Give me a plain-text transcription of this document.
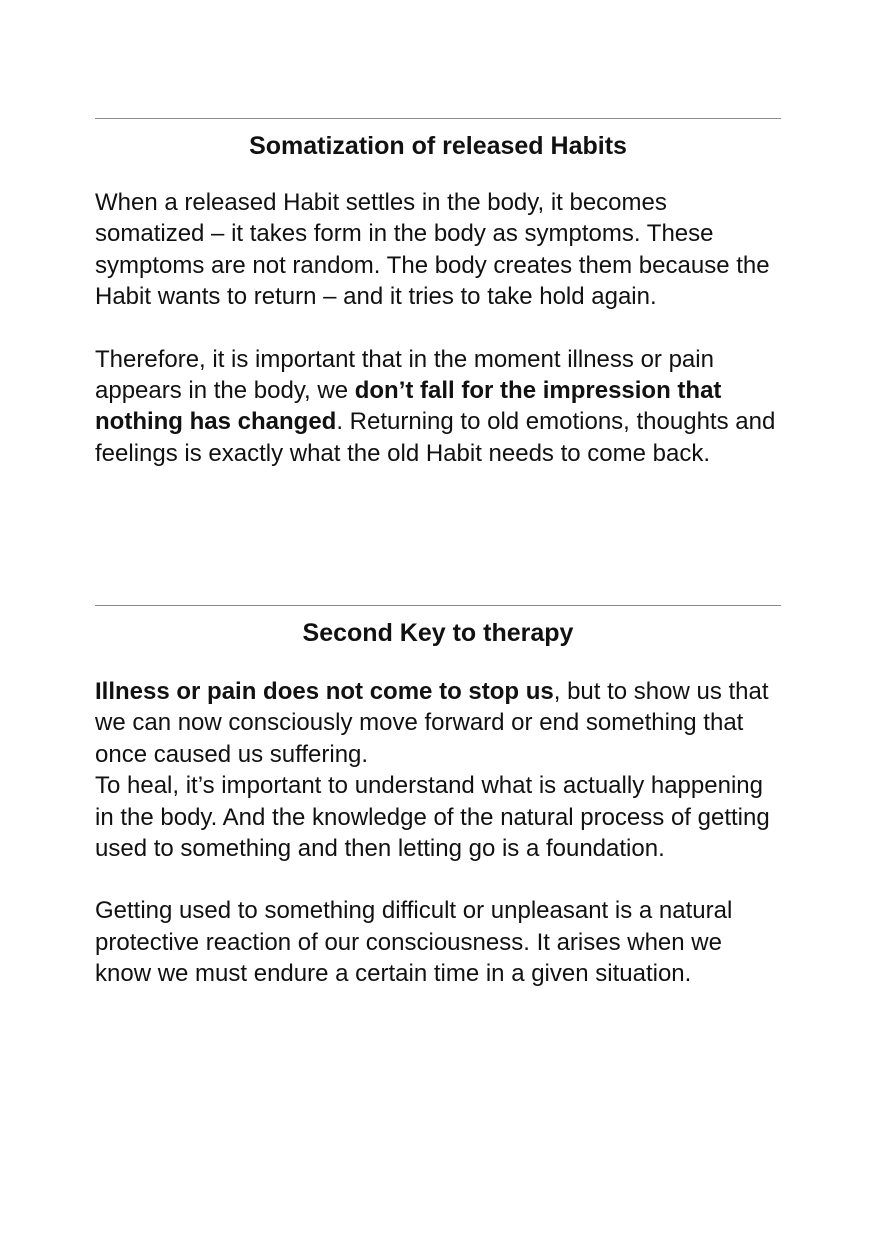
Somatization of released Habits

When a released Habit settles in the body, it becomes somatized – it takes form in the body as symptoms. These symptoms are not random. The body creates them because the Habit wants to return – and it tries to take hold again.

Therefore, it is important that in the moment illness or pain appears in the body, we don’t fall for the impression that nothing has changed. Returning to old emotions, thoughts and feelings is exactly what the old Habit needs to come back.

Second Key to therapy

Illness or pain does not come to stop us, but to show us that we can now consciously move forward or end something that once caused us suffering.

To heal, it’s important to understand what is actually happening in the body. And the knowledge of the natural process of getting used to something and then letting go is a foundation.

Getting used to something difficult or unpleasant is a natural protective reaction of our consciousness. It arises when we know we must endure a certain time in a given situation.
